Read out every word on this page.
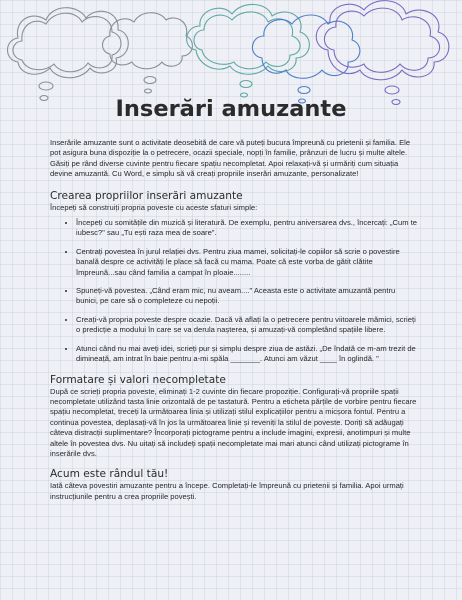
Inserări amuzante

Inserările amuzante sunt o activitate deosebită de care vă puteți bucura împreună cu prietenii și familia. Ele pot asigura buna dispoziție la o petrecere, ocazii speciale, nopți în familie, prânzuri de lucru și multe altele. Găsiți pe rând diverse cuvinte pentru fiecare spațiu necompletat. Apoi relaxați-vă și urmăriți cum situația devine amuzantă. Cu Word, e simplu să vă creați propriile inserări amuzante, personalizate!

Crearea propriilor inserări amuzante

Începeți să construiți propria poveste cu aceste sfaturi simple:

• Începeți cu somitățile din muzică și literatură. De exemplu, pentru aniversarea dvs., încercați: „Cum te iubesc?" sau „Tu ești raza mea de soare".
• Centrați povestea în jurul relației dvs. Pentru ziua mamei, solicitați-le copiilor să scrie o povestire banală despre ce activități le place să facă cu mama. Poate că este vorba de gătit clătite împreună...sau când familia a campat în ploaie........
• Spuneți-vă povestea. „Când eram mic, nu aveam...." Aceasta este o activitate amuzantă pentru bunici, pe care să o completeze cu nepoții.
• Creați-vă propria poveste despre ocazie. Dacă vă aflați la o petrecere pentru viitoarele mămici, scrieți o predicție a modului în care se va derula nașterea, și amuzați-vă completând spațiile libere.
• Atunci când nu mai aveți idei, scrieți pur și simplu despre ziua de astăzi. „De îndată ce m-am trezit de dimineață, am intrat în baie pentru a-mi spăla _______. Atunci am văzut ____ în oglindă. "
Formatare și valori necompletate

După ce scrieți propria poveste, eliminați 1-2 cuvinte din fiecare propoziție. Configurați-vă propriile spații necompletate utilizând tasta linie orizontală de pe tastatură. Pentru a eticheta părțile de vorbire pentru fiecare spațiu necompletat, treceți la următoarea linia și utilizați stilul explicațiilor pentru a micșora fontul. Pentru a continua povestea, deplasați-vă în jos la următoarea linie și reveniți la stilul de poveste. Doriți să adăugați câteva distracții suplimentare? Încorporați pictograme pentru a include imagini, expresii, anotimpuri și multe altele în povestea dvs. Nu uitați să includeți spații necompletate mai mari atunci când utilizați pictograme în inserările dvs.

Acum este rândul tău!

Iată câteva povestiri amuzante pentru a începe. Completați-le împreună cu prietenii și familia. Apoi urmați instrucțiunile pentru a crea propriile povești.
